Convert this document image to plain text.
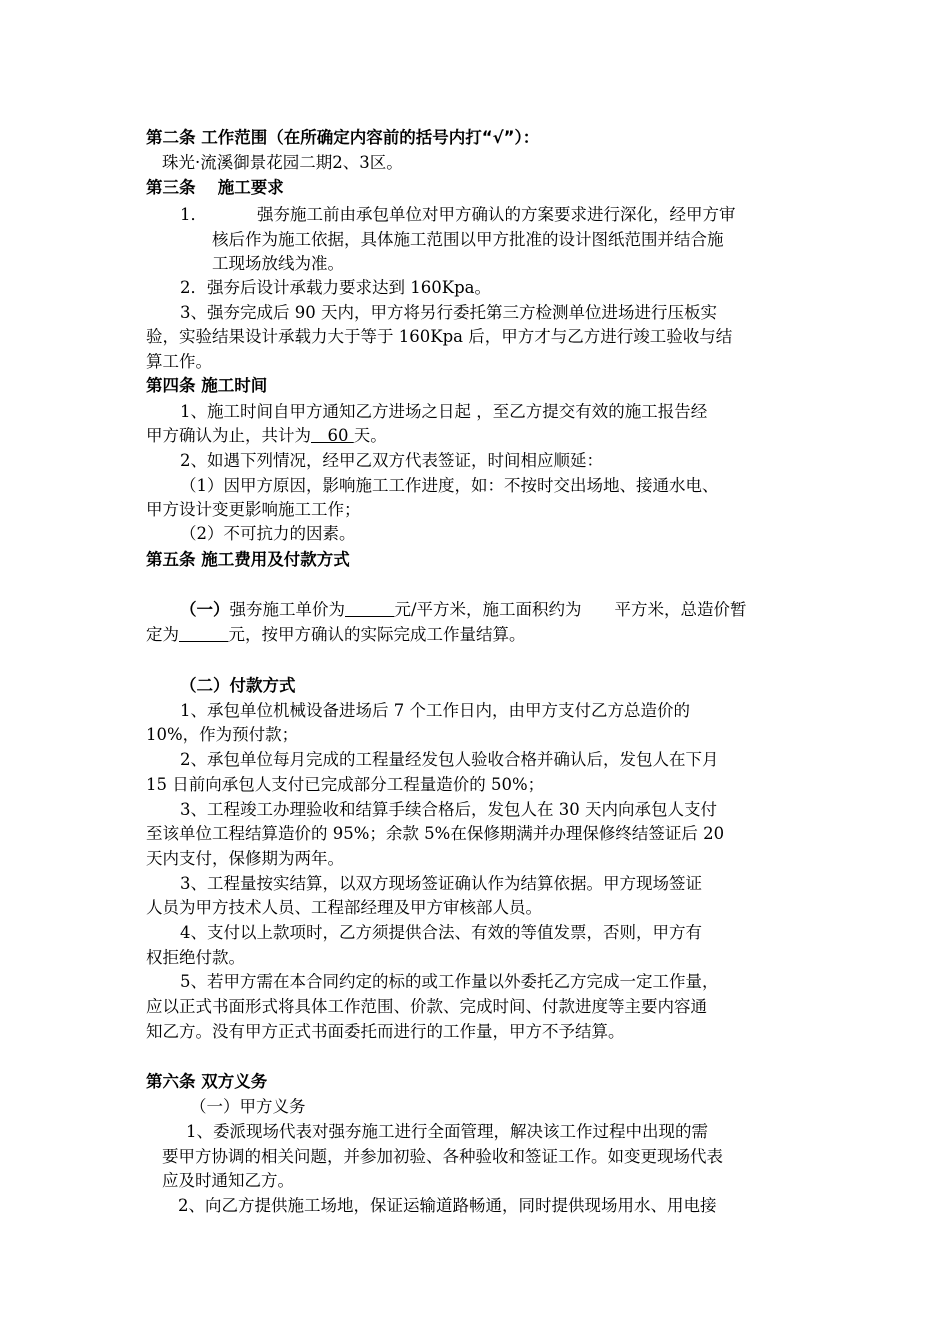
第二条 工作范围（在所确定内容前的括号内打“√”）：
珠光·流溪御景花园二期2、3区。
第三条　 施工要求
1．	强夯施工前由承包单位对甲方确认的方案要求进行深化，经甲方审
核后作为施工依据，具体施工范围以甲方批准的设计图纸范围并结合施
工现场放线为准。
2．强夯后设计承载力要求达到 160Kpa。
3、强夯完成后 90 天内，甲方将另行委托第三方检测单位进场进行压板实
验，实验结果设计承载力大于等于 160Kpa 后，甲方才与乙方进行竣工验收与结
算工作。
第四条 施工时间
1、施工时间自甲方通知乙方进场之日起 ，至乙方提交有效的施工报告经
甲方确认为止，共计为　60 天。
2、如遇下列情况，经甲乙双方代表签证，时间相应顺延：
（1）因甲方原因，影响施工工作进度，如：不按时交出场地、接通水电、
甲方设计变更影响施工工作；
（2）不可抗力的因素。
第五条 施工费用及付款方式
（一）强夯施工单价为　　　	元/平方米，施工面积约为　　平方米，总造价暂
定为　　　	元，按甲方确认的实际完成工作量结算。
（二）付款方式
1、承包单位机械设备进场后 7 个工作日内，由甲方支付乙方总造价的
10%，作为预付款；
2、承包单位每月完成的工程量经发包人验收合格并确认后，发包人在下月
15 日前向承包人支付已完成部分工程量造价的 50%；
3、工程竣工办理验收和结算手续合格后，发包人在 30 天内向承包人支付
至该单位工程结算造价的 95%；余款 5%在保修期满并办理保修终结签证后 20
天内支付，保修期为两年。
3、工程量按实结算，以双方现场签证确认作为结算依据。甲方现场签证
人员为甲方技术人员、工程部经理及甲方审核部人员。
4、支付以上款项时，乙方须提供合法、有效的等值发票，否则，甲方有
权拒绝付款。
5、若甲方需在本合同约定的标的或工作量以外委托乙方完成一定工作量，
应以正式书面形式将具体工作范围、价款、完成时间、付款进度等主要内容通
知乙方。没有甲方正式书面委托而进行的工作量，甲方不予结算。
第六条 双方义务
（一）甲方义务
1、委派现场代表对强夯施工进行全面管理，解决该工作过程中出现的需
要甲方协调的相关问题，并参加初验、各种验收和签证工作。如变更现场代表
应及时通知乙方。
2、向乙方提供施工场地，保证运输道路畅通，同时提供现场用水、用电接
